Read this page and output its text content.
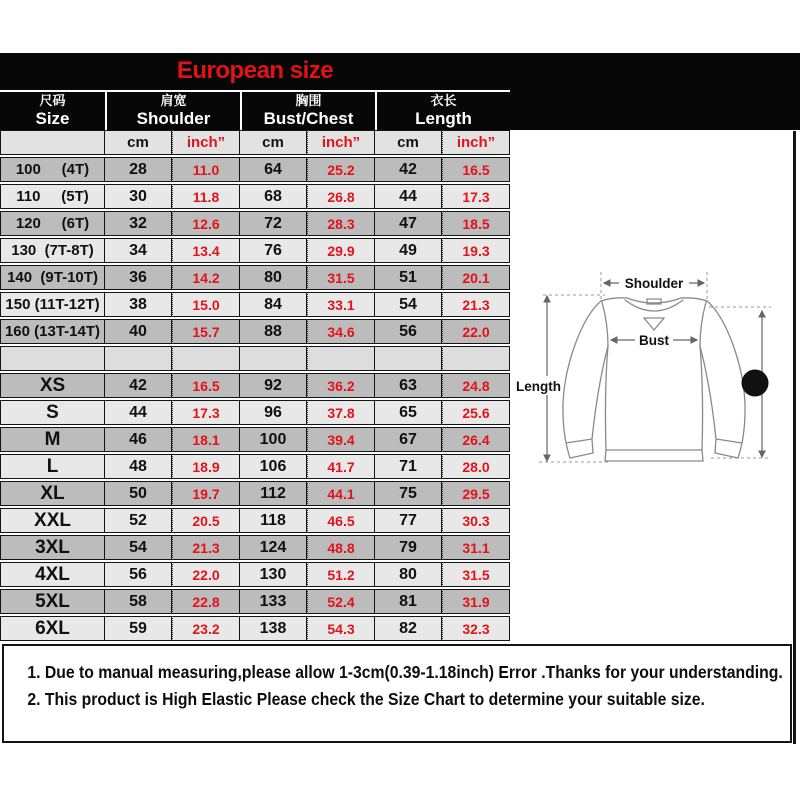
European size
尺码
Size
肩宽
Shoulder
胸围
Bust/Chest
衣长
Length
cm	inch”	cm	inch”	cm	inch”
100     (4T)	28	11.0	64	25.2	42	16.5
110     (5T)	30	11.8	68	26.8	44	17.3
120     (6T)	32	12.6	72	28.3	47	18.5
130  (7T-8T)	34	13.4	76	29.9	49	19.3
140  (9T-10T)	36	14.2	80	31.5	51	20.1
150 (11T-12T)	38	15.0	84	33.1	54	21.3
160 (13T-14T)	40	15.7	88	34.6	56	22.0
XS	42	16.5	92	36.2	63	24.8
S	44	17.3	96	37.8	65	25.6
M	46	18.1	100	39.4	67	26.4
L	48	18.9	106	41.7	71	28.0
XL	50	19.7	112	44.1	75	29.5
XXL	52	20.5	118	46.5	77	30.3
3XL	54	21.3	124	48.8	79	31.1
4XL	56	22.0	130	51.2	80	31.5
5XL	58	22.8	133	52.4	81	31.9
6XL	59	23.2	138	54.3	82	32.3
Shoulder
Bust
Length	3
1. Due to manual measuring,please allow 1-3cm(0.39-1.18inch) Error .Thanks for your understanding.
2. This product is High Elastic Please check the Size Chart to determine your suitable size.
